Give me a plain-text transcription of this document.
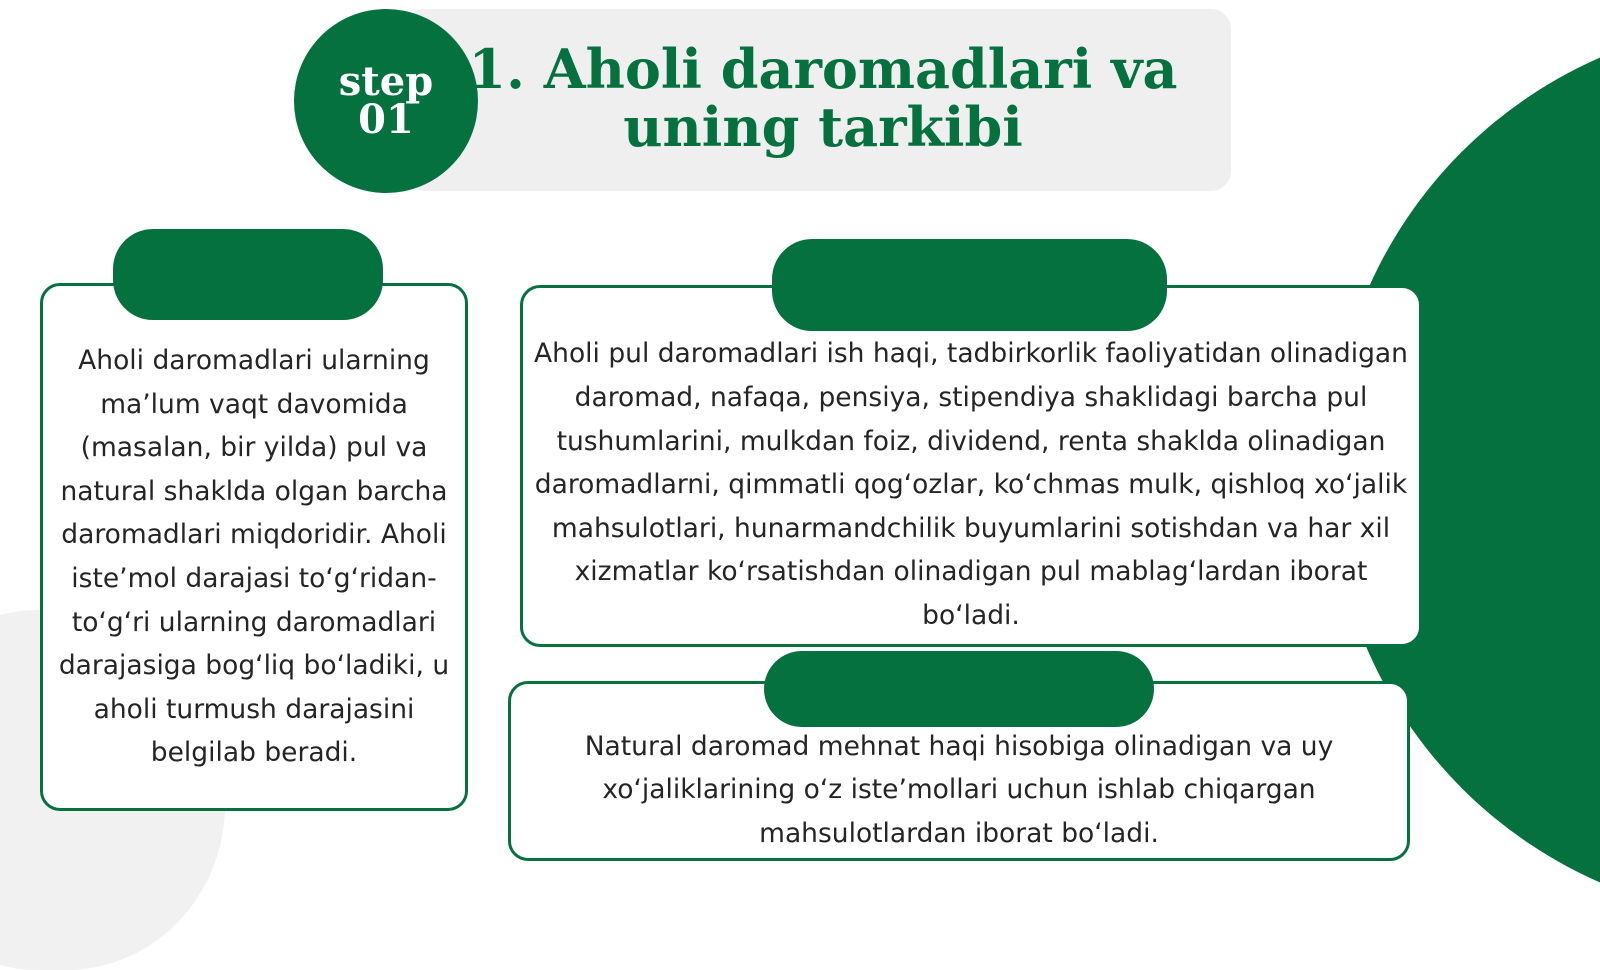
step
01
1. Aholi daromadlari va uning tarkibi

Aholi daromadlari ularning ma’lum vaqt davomida (masalan, bir yilda) pul va natural shaklda olgan barcha daromadlari miqdoridir. Aholi iste’mol darajasi to‘g‘ridan-to‘g‘ri ularning daromadlari darajasiga bog‘liq bo‘ladiki, u aholi turmush darajasini belgilab beradi.

Aholi pul daromadlari ish haqi, tadbirkorlik faoliyatidan olinadigan daromad, nafaqa, pensiya, stipendiya shaklidagi barcha pul tushumlarini, mulkdan foiz, dividend, renta shaklda olinadigan daromadlarni, qimmatli qog‘ozlar, ko‘chmas mulk, qishloq xo‘jalik mahsulotlari, hunarmandchilik buyumlarini sotishdan va har xil xizmatlar ko‘rsatishdan olinadigan pul mablag‘lardan iborat bo‘ladi.

Natural daromad mehnat haqi hisobiga olinadigan va uy xo‘jaliklarining o‘z iste’mollari uchun ishlab chiqargan mahsulotlardan iborat bo‘ladi.
